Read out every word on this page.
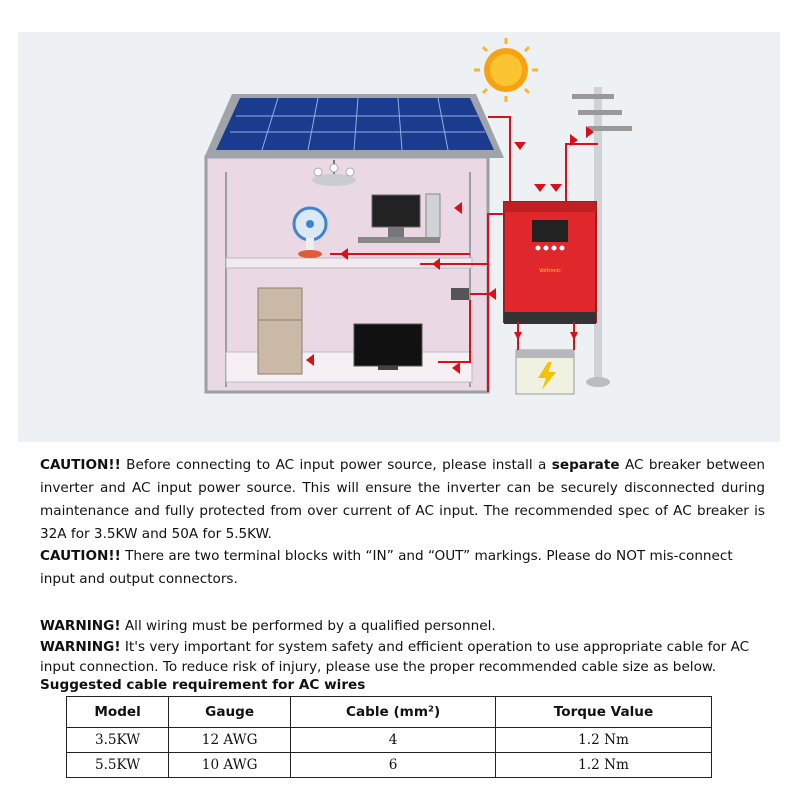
Voltronic
CAUTION!! Before connecting to AC input power source, please install a separate AC breaker between inverter and AC input power source. This will ensure the inverter can be securely disconnected during maintenance and fully protected from over current of AC input. The recommended spec of AC breaker is 32A for 3.5KW and 50A for 5.5KW.
CAUTION!! There are two terminal blocks with “IN” and “OUT” markings. Please do NOT mis-connect input and output connectors.
WARNING! All wiring must be performed by a qualified personnel.
WARNING! It's very important for system safety and efficient operation to use appropriate cable for AC input connection. To reduce risk of injury, please use the proper recommended cable size as below.
Suggested cable requirement for AC wires
Model	Gauge	Cable (mm²)	Torque Value
3.5KW	12 AWG	4	1.2 Nm
5.5KW	10 AWG	6	1.2 Nm
